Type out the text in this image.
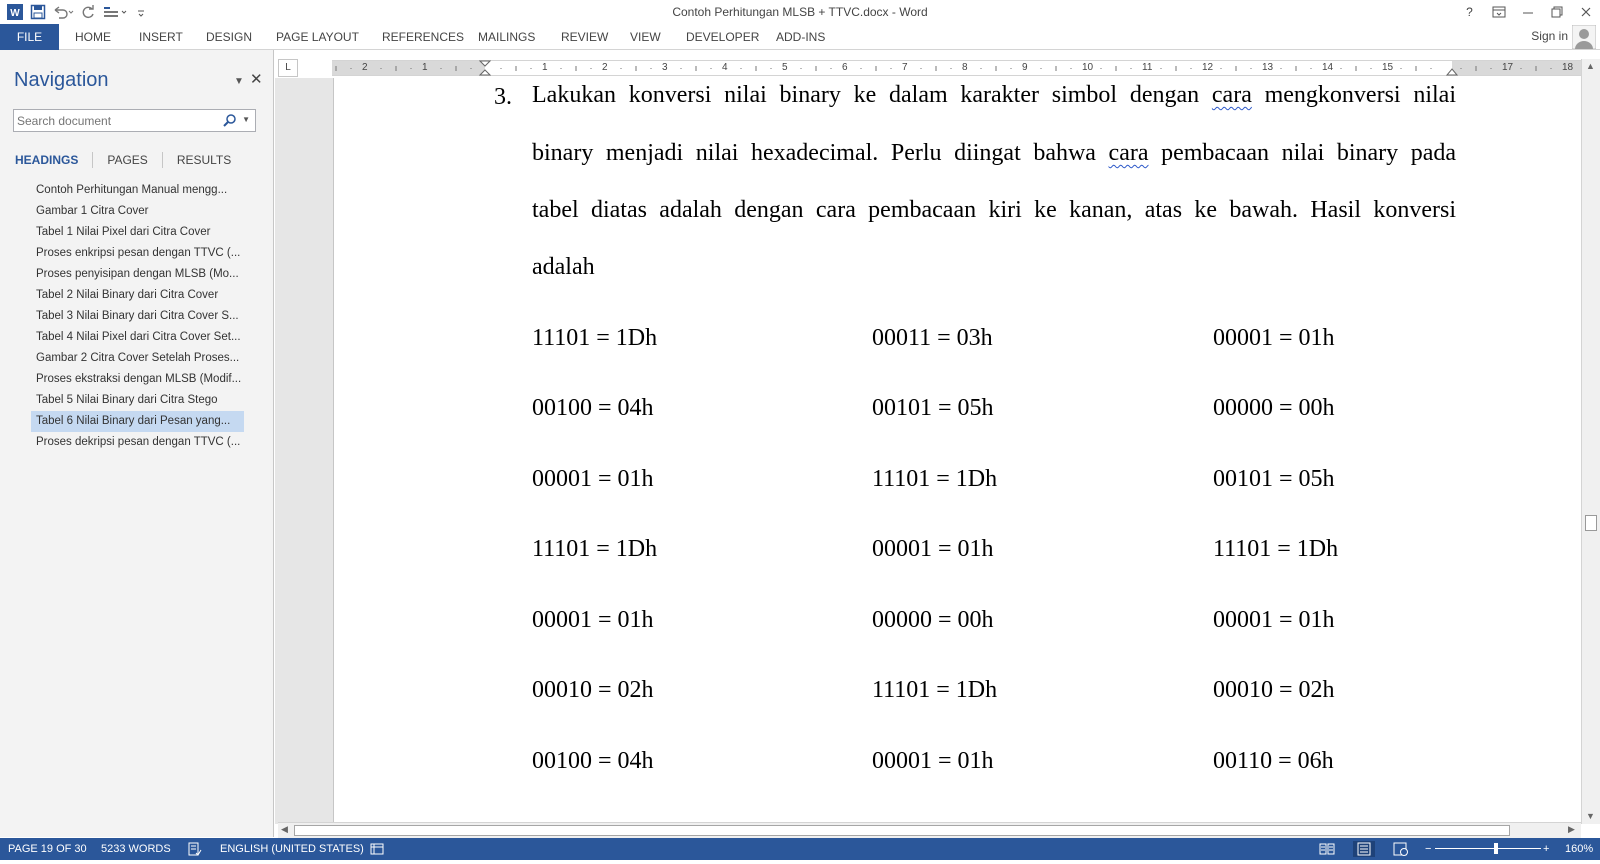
W	Contoh Perhitungan MLSB + TTVC.docx - Word	?
FILE	HOME	INSERT	DESIGN	PAGE LAYOUT	REFERENCES	MAILINGS	REVIEW	VIEW	DEVELOPER	ADD-INS	Sign in
Navigation	▼ ✕
Search document
▼
HEADINGS	PAGES	RESULTS
Contoh Perhitungan Manual mengg...
Gambar 1 Citra Cover
Tabel 1 Nilai Pixel dari Citra Cover
Proses enkripsi pesan dengan TTVC (...
Proses penyisipan dengan MLSB (Mo...
Tabel 2 Nilai Binary dari Citra Cover
Tabel 3 Nilai Binary dari Citra Cover S...
Tabel 4 Nilai Pixel dari Citra Cover Set...
Gambar 2 Citra Cover Setelah Proses...
Proses ekstraksi dengan MLSB (Modif...
Tabel 5 Nilai Binary dari Citra Stego
Tabel 6 Nilai Binary dari Pesan yang...
Proses dekripsi pesan dengan TTVC (...
L	2	1	1	2	3	4	5	6	7	8	9	10	11	12	13	14	15	17	18
3. Lakukan konversi nilai binary ke dalam karakter simbol dengan cara mengkonversi nilai
binary menjadi nilai hexadecimal. Perlu diingat bahwa cara pembacaan nilai binary pada
tabel diatas adalah dengan cara pembacaan kiri ke kanan, atas ke bawah. Hasil konversi
adalah
11101 = 1Dh	00011 = 03h	00001 = 01h
00100 = 04h	00101 = 05h	00000 = 00h
00001 = 01h	11101 = 1Dh	00101 = 05h
11101 = 1Dh	00001 = 01h	11101 = 1Dh
00001 = 01h	00000 = 00h	00001 = 01h
00010 = 02h	11101 = 1Dh	00010 = 02h
00100 = 04h	00001 = 01h	00110 = 06h
▲
▼
◀	▶
PAGE 19 OF 30 5233 WORDS	ENGLISH (UNITED STATES)	−	+ 160%
